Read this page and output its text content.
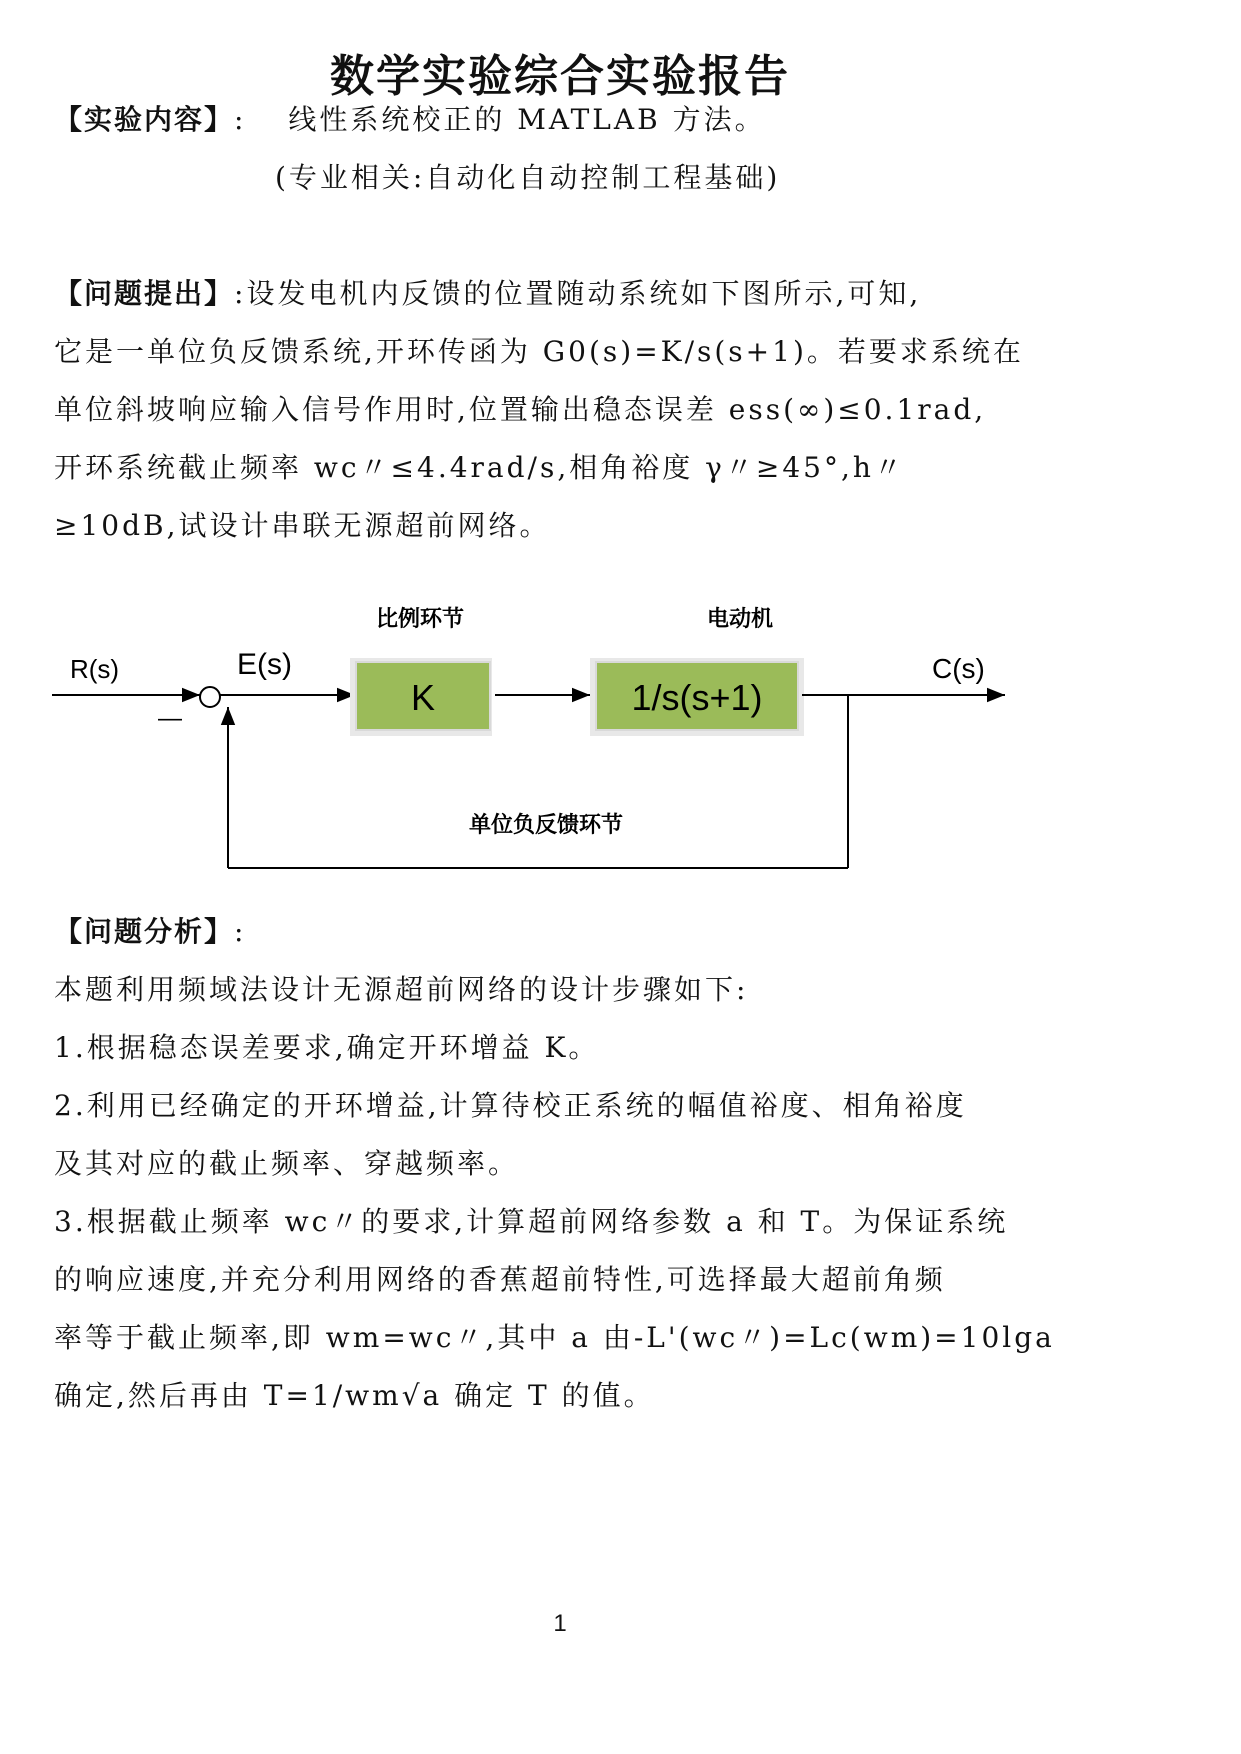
数学实验综合实验报告
【实验内容】: 线性系统校正的 MATLAB 方法。
(专业相关:自动化自动控制工程基础)
【问题提出】:设发电机内反馈的位置随动系统如下图所示,可知,
它是一单位负反馈系统,开环传函为 G0(s)=K/s(s+1)。若要求系统在
单位斜坡响应输入信号作用时,位置输出稳态误差 ess(∞)≤0.1rad,
开环系统截止频率 wc〃≤4.4rad/s,相角裕度 γ〃≥45°,h〃
≥10dB,试设计串联无源超前网络。
比例环节	电动机
R(s)	E(s)	C(s)
—
K	1/s(s+1)
单位负反馈环节
【问题分析】:
本题利用频域法设计无源超前网络的设计步骤如下:
1.根据稳态误差要求,确定开环增益 K。
2.利用已经确定的开环增益,计算待校正系统的幅值裕度、相角裕度
及其对应的截止频率、穿越频率。
3.根据截止频率 wc〃的要求,计算超前网络参数 a 和 T。为保证系统
的响应速度,并充分利用网络的香蕉超前特性,可选择最大超前角频
率等于截止频率,即 wm=wc〃,其中 a 由-L'(wc〃)=Lc(wm)=10lga
确定,然后再由 T=1/wm√a 确定 T 的值。
1
